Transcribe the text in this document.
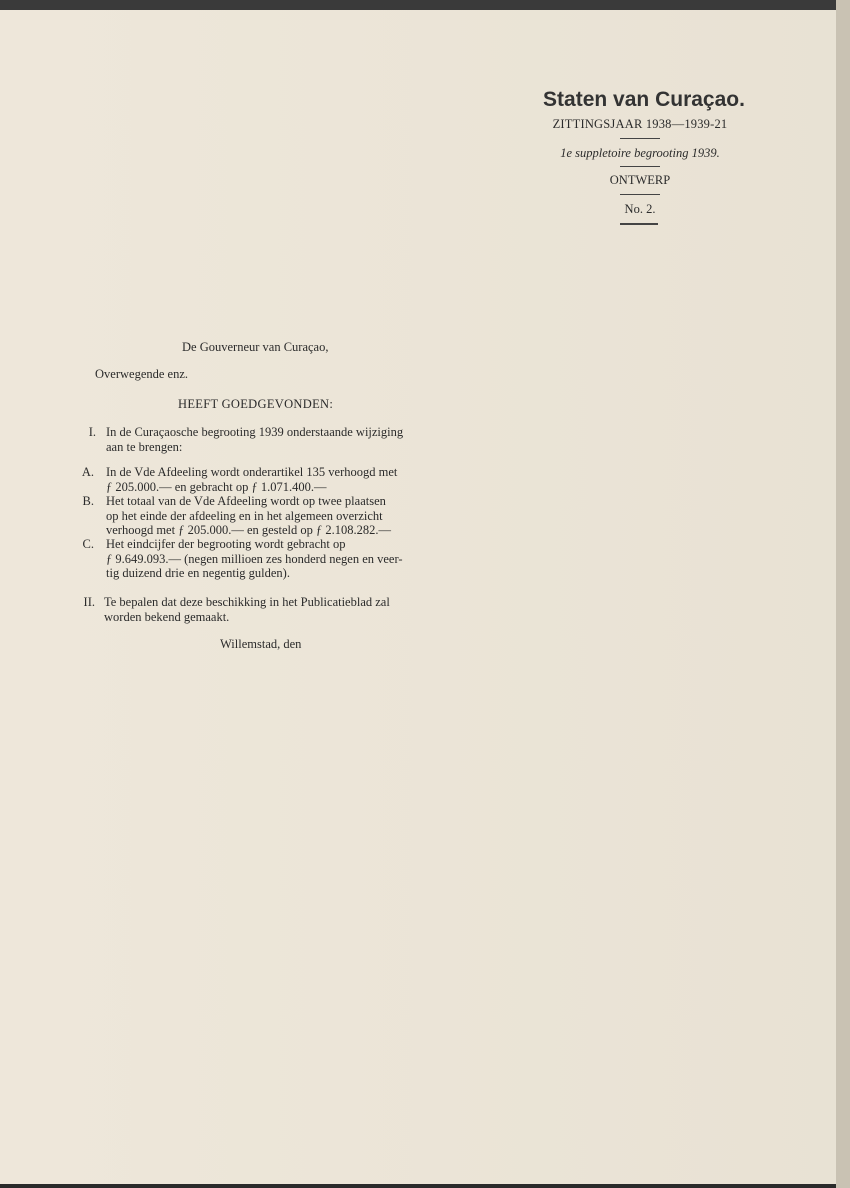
Staten van Curaçao.
ZITTINGSJAAR 1938—1939-21
1e suppletoire begrooting 1939.
ONTWERP
No. 2.
De Gouverneur van Curaçao,
Overwegende enz.
HEEFT GOEDGEVONDEN:
I. In de Curaçaosche begrooting 1939 onderstaande wijziging
aan te brengen:
A. In de Vde Afdeeling wordt onderartikel 135 verhoogd met
ƒ 205.000.— en gebracht op ƒ 1.071.400.—
B. Het totaal van de Vde Afdeeling wordt op twee plaatsen
op het einde der afdeeling en in het algemeen overzicht
verhoogd met ƒ 205.000.— en gesteld op ƒ 2.108.282.—
C. Het eindcijfer der begrooting wordt gebracht op
ƒ 9.649.093.— (negen millioen zes honderd negen en veer-
tig duizend drie en negentig gulden).
II. Te bepalen dat deze beschikking in het Publicatieblad zal
worden bekend gemaakt.
Willemstad, den
